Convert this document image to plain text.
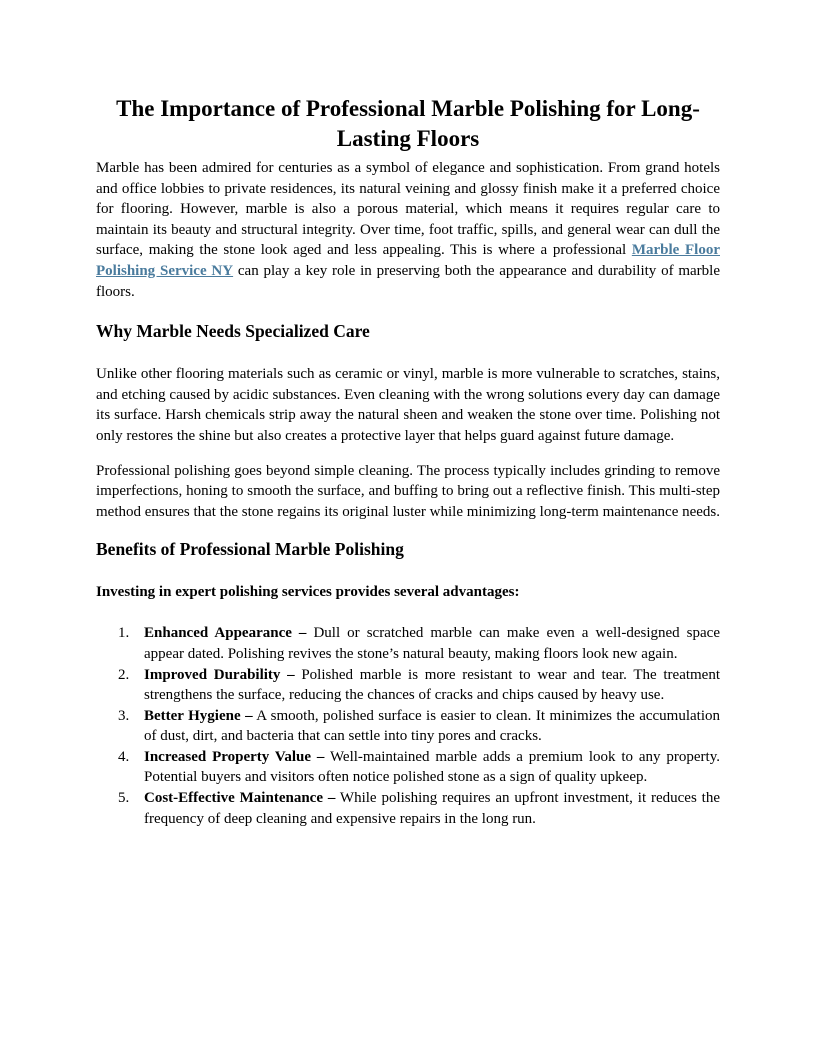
The Importance of Professional Marble Polishing for Long-Lasting Floors

Marble has been admired for centuries as a symbol of elegance and sophistication. From grand hotels and office lobbies to private residences, its natural veining and glossy finish make it a preferred choice for flooring. However, marble is also a porous material, which means it requires regular care to maintain its beauty and structural integrity. Over time, foot traffic, spills, and general wear can dull the surface, making the stone look aged and less appealing. This is where a professional Marble Floor Polishing Service NY can play a key role in preserving both the appearance and durability of marble floors.

Why Marble Needs Specialized Care

Unlike other flooring materials such as ceramic or vinyl, marble is more vulnerable to scratches, stains, and etching caused by acidic substances. Even cleaning with the wrong solutions every day can damage its surface. Harsh chemicals strip away the natural sheen and weaken the stone over time. Polishing not only restores the shine but also creates a protective layer that helps guard against future damage.

Professional polishing goes beyond simple cleaning. The process typically includes grinding to remove imperfections, honing to smooth the surface, and buffing to bring out a reflective finish. This multi-step method ensures that the stone regains its original luster while minimizing long-term maintenance needs.

Benefits of Professional Marble Polishing

Investing in expert polishing services provides several advantages:

1. Enhanced Appearance – Dull or scratched marble can make even a well-designed space appear dated. Polishing revives the stone’s natural beauty, making floors look new again.
2. Improved Durability – Polished marble is more resistant to wear and tear. The treatment strengthens the surface, reducing the chances of cracks and chips caused by heavy use.
3. Better Hygiene – A smooth, polished surface is easier to clean. It minimizes the accumulation of dust, dirt, and bacteria that can settle into tiny pores and cracks.
4. Increased Property Value – Well-maintained marble adds a premium look to any property. Potential buyers and visitors often notice polished stone as a sign of quality upkeep.
5. Cost-Effective Maintenance – While polishing requires an upfront investment, it reduces the frequency of deep cleaning and expensive repairs in the long run.
